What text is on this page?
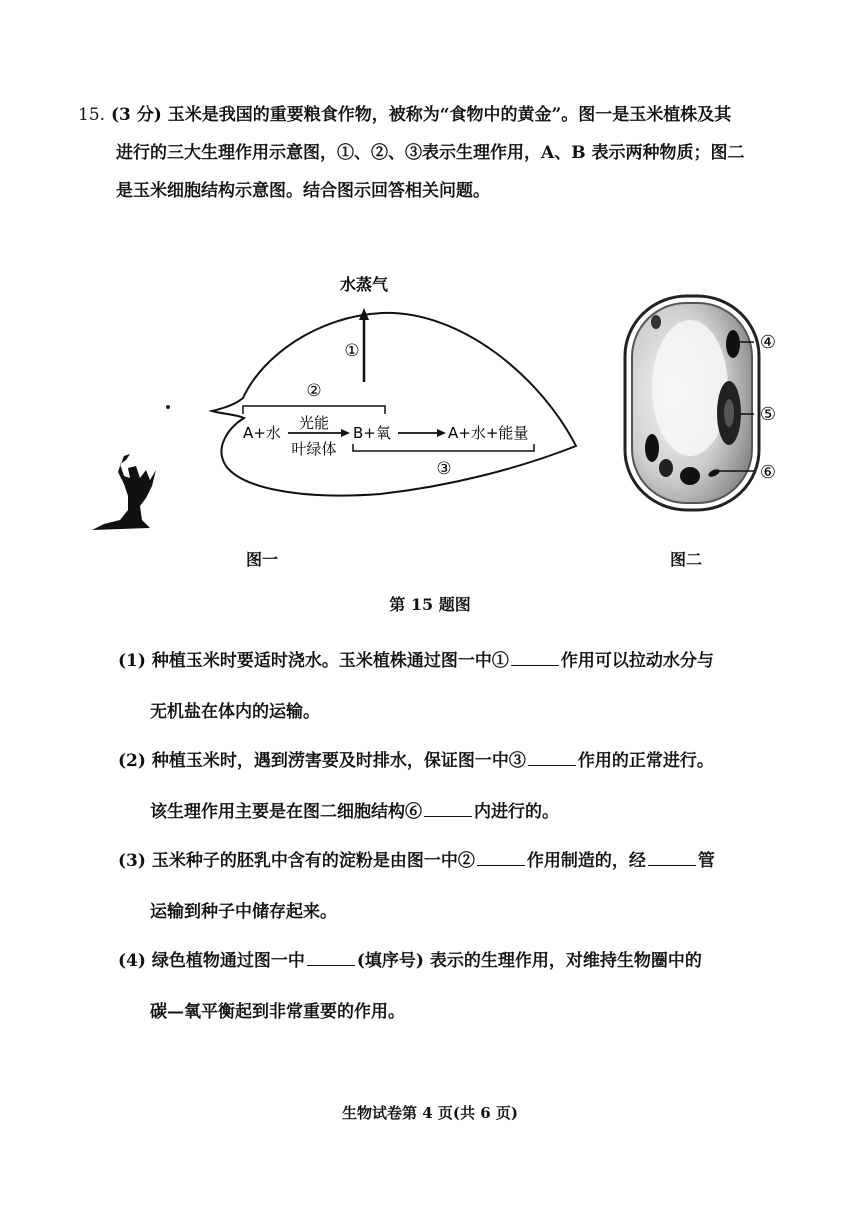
15. (3 分) 玉米是我国的重要粮食作物，被称为“食物中的黄金”。图一是玉米植株及其
进行的三大生理作用示意图，①、②、③表示生理作用，A、B 表示两种物质；图二
是玉米细胞结构示意图。结合图示回答相关问题。
水蒸气
①
②
A+水
光能
叶绿体
B+氧	A+水+能量
③
④
⑤
⑥
图一	图二
第 15 题图
(1) 种植玉米时要适时浇水。玉米植株通过图一中①	作用可以拉动水分与
无机盐在体内的运输。
(2) 种植玉米时，遇到涝害要及时排水，保证图一中③	作用的正常进行。
该生理作用主要是在图二细胞结构⑥	内进行的。
(3) 玉米种子的胚乳中含有的淀粉是由图一中②	作用制造的，经	管
运输到种子中储存起来。
(4) 绿色植物通过图一中	(填序号) 表示的生理作用，对维持生物圈中的
碳—氧平衡起到非常重要的作用。
生物试卷第 4 页(共 6 页)
